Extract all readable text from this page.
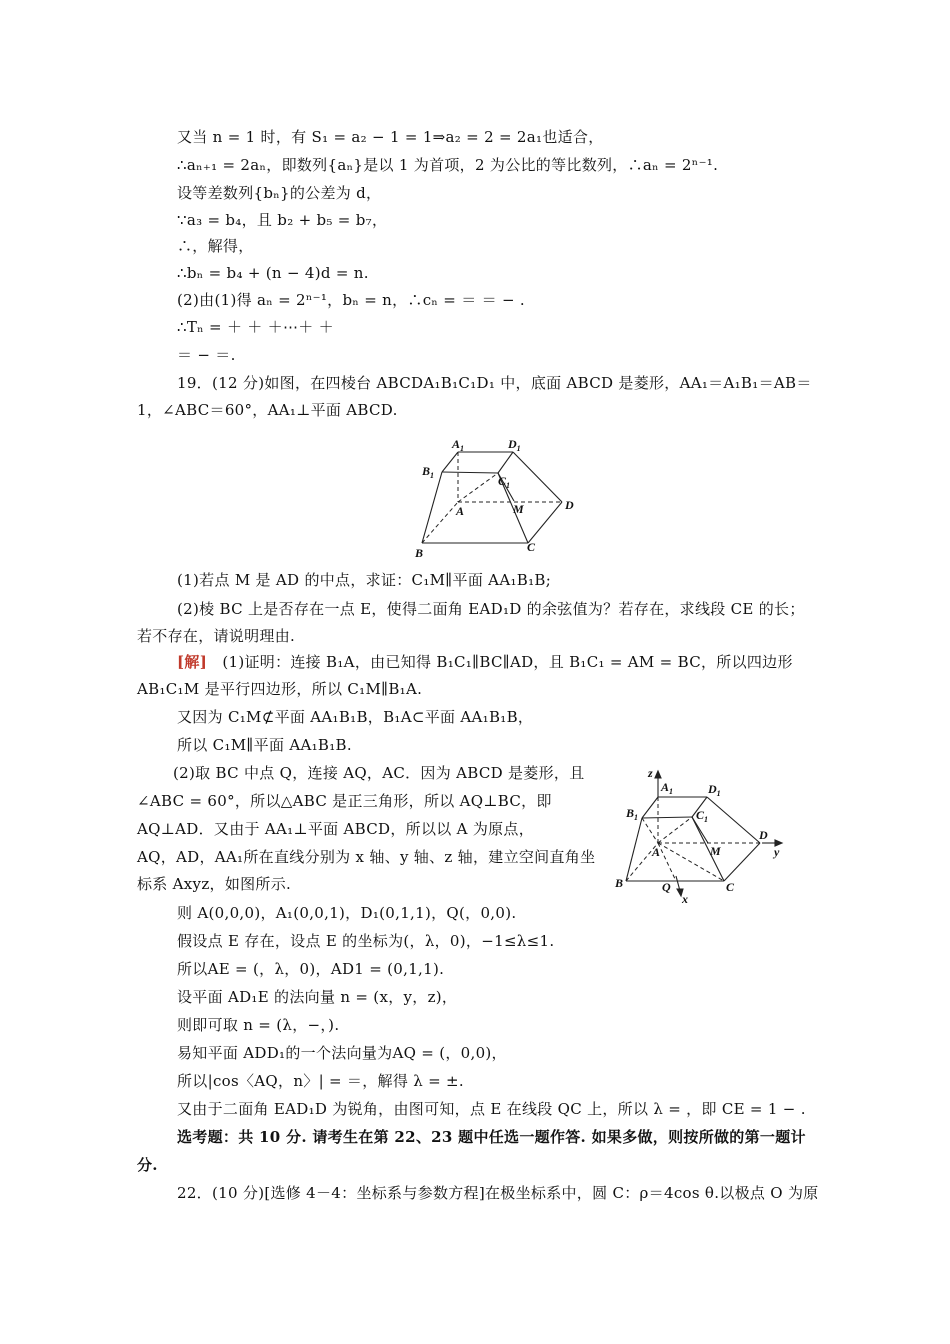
又当 n = 1 时，有 S₁ = a₂ − 1 = 1⇒a₂ = 2 = 2a₁也适合，
∴aₙ₊₁ = 2aₙ，即数列{aₙ}是以 1 为首项，2 为公比的等比数列，∴aₙ = 2ⁿ⁻¹.
设等差数列{bₙ}的公差为 d，
∵a₃ = b₄，且 b₂ + b₅ = b₇，
∴，解得，
∴bₙ = b₄ + (n − 4)d = n.
(2)由(1)得 aₙ = 2ⁿ⁻¹，bₙ = n，∴cₙ = ＝ ＝ − .
∴Tₙ = ＋ ＋ ＋⋯＋ ＋
＝ − ＝.
19．(12 分)如图，在四棱台 ABCDA₁B₁C₁D₁ 中，底面 ABCD 是菱形，AA₁＝A₁B₁＝AB＝
1，∠ABC＝60°，AA₁⊥平面 ABCD.
$A_1$	$D_1$
$B_1$	$C_1$
A	M	D
B	C
(1)若点 M 是 AD 的中点，求证：C₁M∥平面 AA₁B₁B;
(2)棱 BC 上是否存在一点 E，使得二面角 EAD₁D 的余弦值为？若存在，求线段 CE 的长；
若不存在，请说明理由.
[解] (1)证明：连接 B₁A，由已知得 B₁C₁∥BC∥AD，且 B₁C₁ = AM = BC，所以四边形
AB₁C₁M 是平行四边形，所以 C₁M∥B₁A.
又因为 C₁M⊄平面 AA₁B₁B，B₁A⊂平面 AA₁B₁B，
所以 C₁M∥平面 AA₁B₁B.
(2)取 BC 中点 Q，连接 AQ，AC．因为 ABCD 是菱形，且
∠ABC = 60°，所以△ABC 是正三角形，所以 AQ⊥BC，即
AQ⊥AD．又由于 AA₁⊥平面 ABCD，所以以 A 为原点，
AQ，AD，AA₁所在直线分别为 x 轴、y 轴、z 轴，建立空间直角坐
标系 Axyz，如图所示.
z
$A_1$	$D_1$
$B_1$	$C_1$
A	M
D
y
B	Q
x
C
则 A(0,0,0)，A₁(0,0,1)，D₁(0,1,1)，Q(，0,0).
假设点 E 存在，设点 E 的坐标为(，λ，0)，−1≤λ≤1.
所以AE = (，λ，0)，AD1 = (0,1,1).
设平面 AD₁E 的法向量 n = (x，y，z)，
则即可取 n = (λ，−，).
易知平面 ADD₁的一个法向量为AQ = (，0,0)，
所以|cos〈AQ，n〉| = ＝，解得 λ = ±.
又由于二面角 EAD₁D 为锐角，由图可知，点 E 在线段 QC 上，所以 λ = ，即 CE = 1 − .
选考题：共 10 分. 请考生在第 22、23 题中任选一题作答. 如果多做，则按所做的第一题计
分.
22．(10 分)[选修 4－4：坐标系与参数方程]在极坐标系中，圆 C：ρ＝4cos θ.以极点 O 为原
